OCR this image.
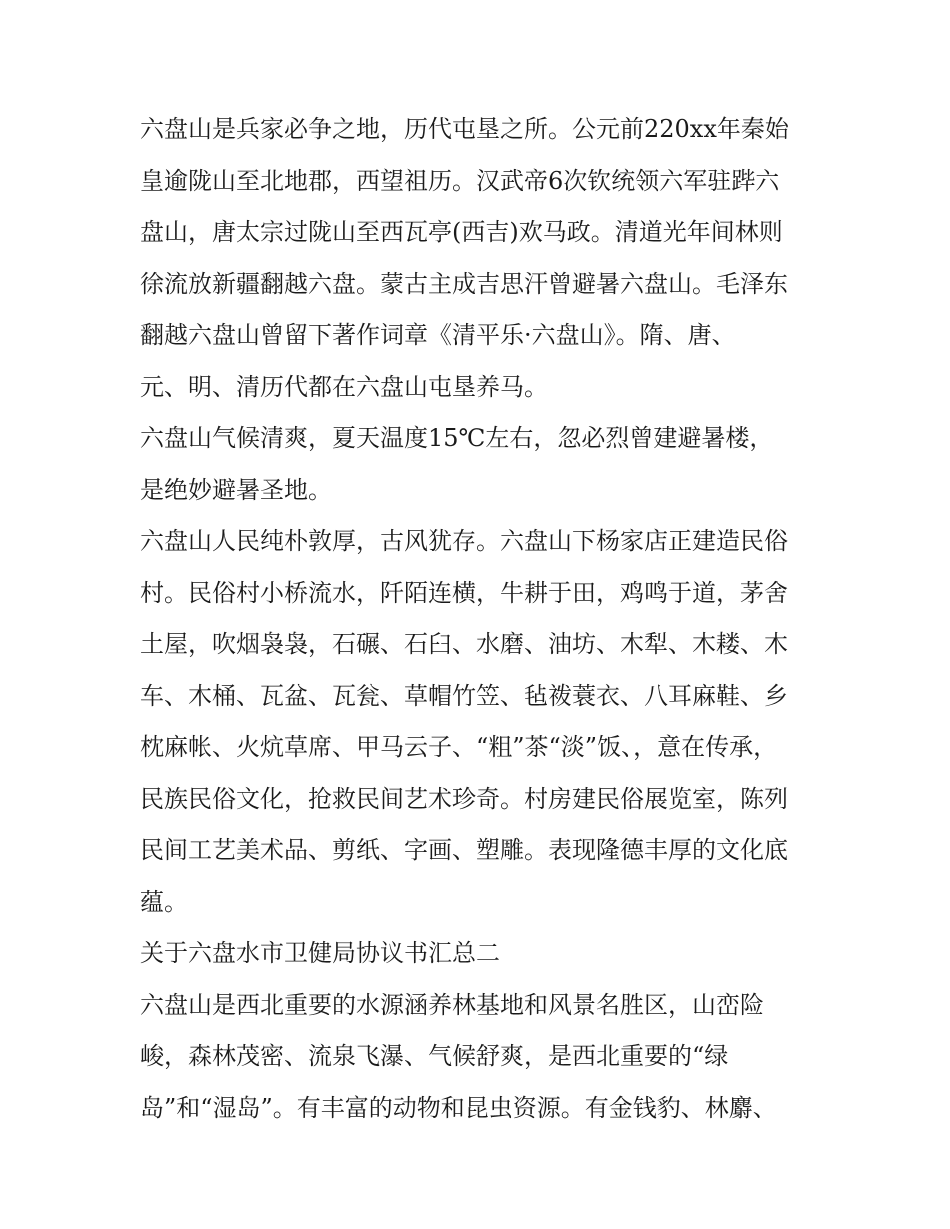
六盘山是兵家必争之地，历代屯垦之所。公元前220xx年秦始
皇逾陇山至北地郡，西望祖历。汉武帝6次钦统领六军驻跸六
盘山，唐太宗过陇山至西瓦亭(西吉)欢马政。清道光年间林则
徐流放新疆翻越六盘。蒙古主成吉思汗曾避暑六盘山。毛泽东
翻越六盘山曾留下著作词章《清平乐·六盘山》。隋、唐、
元、明、清历代都在六盘山屯垦养马。
六盘山气候清爽，夏天温度15℃左右，忽必烈曾建避暑楼，
是绝妙避暑圣地。
六盘山人民纯朴敦厚，古风犹存。六盘山下杨家店正建造民俗
村。民俗村小桥流水，阡陌连横，牛耕于田，鸡鸣于道，茅舍
土屋，吹烟袅袅，石碾、石臼、水磨、油坊、木犁、木耧、木
车、木桶、瓦盆、瓦瓮、草帽竹笠、毡袯蓑衣、八耳麻鞋、乡
枕麻帐、火炕草席、甲马云子、“粗”茶“淡”饭、，意在传承，
民族民俗文化，抢救民间艺术珍奇。村房建民俗展览室，陈列
民间工艺美术品、剪纸、字画、塑雕。表现隆德丰厚的文化底
蕴。
关于六盘水市卫健局协议书汇总二
六盘山是西北重要的水源涵养林基地和风景名胜区，山峦险
峻，森林茂密、流泉飞瀑、气候舒爽，是西北重要的“绿
岛”和“湿岛”。有丰富的动物和昆虫资源。有金钱豹、林麝、
